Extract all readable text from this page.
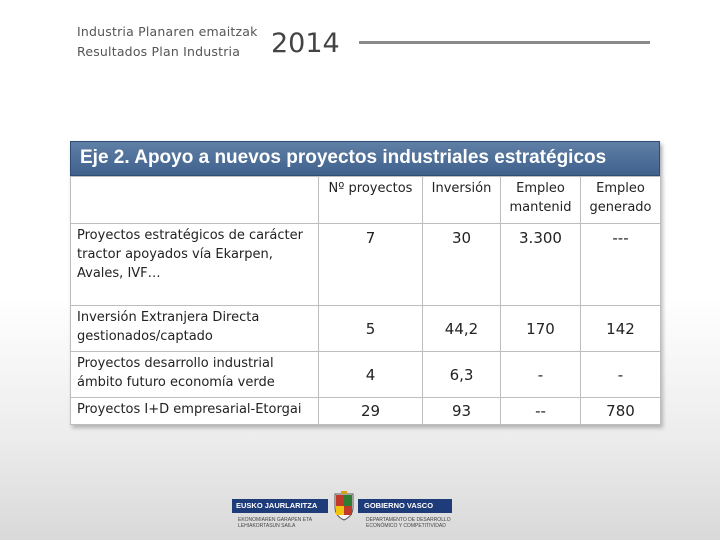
Industria Planaren emaitzak
Resultados Plan Industria 2014
Eje 2. Apoyo a nuevos proyectos industriales estratégicos
	Nº proyectos	Inversión	Empleo mantenid	Empleo generado
Proyectos estratégicos de carácter tractor apoyados vía Ekarpen, Avales, IVF…	7	30	3.300	---
Inversión Extranjera Directa gestionados/captado	5	44,2	170	142
Proyectos desarrollo industrial ámbito futuro economía verde	4	6,3	-	-
Proyectos I+D empresarial-Etorgai	29	93	--	780
EUSKO JAURLARITZA	GOBIERNO VASCO
EKONOMIAREN GARAPEN ETA LEHIAKORTASUN SAILA
DEPARTAMENTO DE DESARROLLO ECONÓMICO Y COMPETITIVIDAD
